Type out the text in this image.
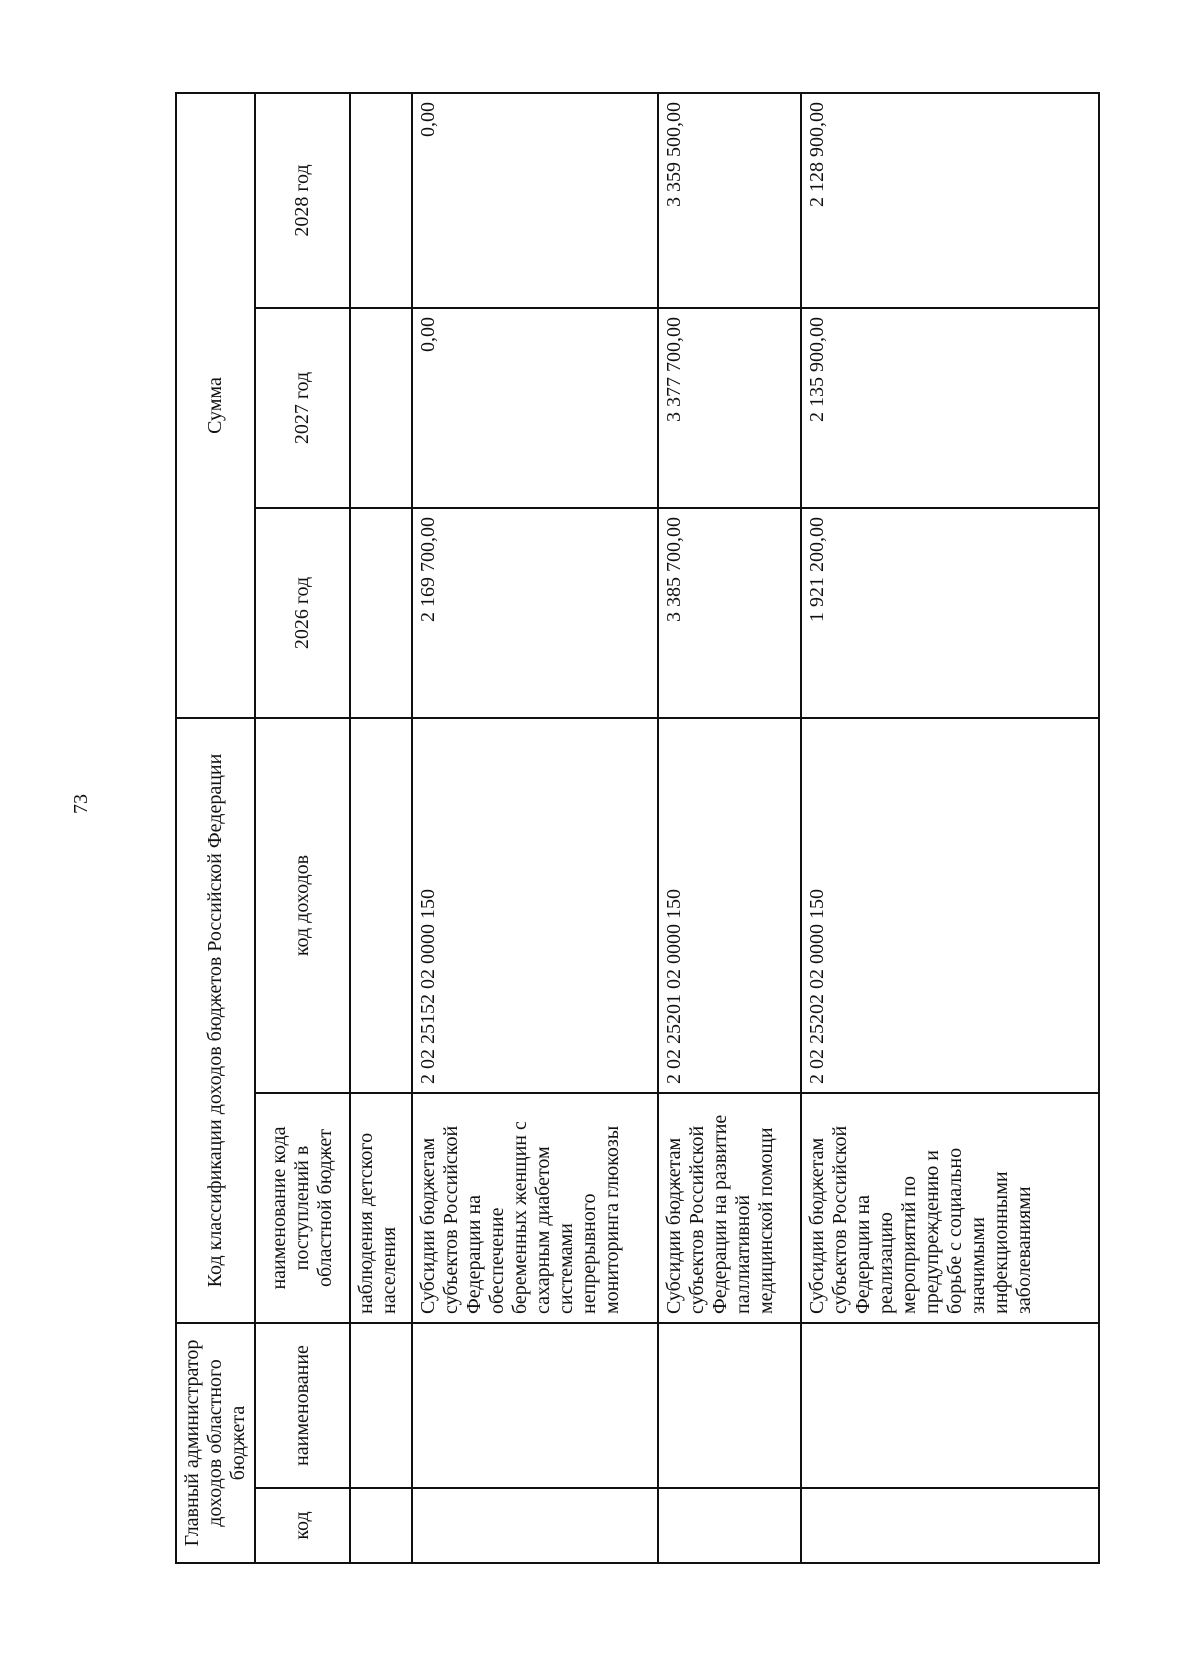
73
Главный администратор доходов областного бюджета		Код классификации доходов бюджетов Российской Федерации		Сумма		
код	наименование	наименование кода поступлений в областной бюджет	код доходов	2026 год	2027 год	2028 год
		наблюдения детского населения				
		Субсидии бюджетам субъектов Российской Федерации на обеспечение беременных женщин с сахарным диабетом системами непрерывного мониторинга глюкозы	2 02 25152 02 0000 150	2 169 700,00	0,00	0,00
		Субсидии бюджетам субъектов Российской Федерации на развитие паллиативной медицинской помощи	2 02 25201 02 0000 150	3 385 700,00	3 377 700,00	3 359 500,00
		Субсидии бюджетам субъектов Российской Федерации на реализацию мероприятий по предупреждению и борьбе с социально значимыми инфекционными заболеваниями	2 02 25202 02 0000 150	1 921 200,00	2 135 900,00	2 128 900,00
